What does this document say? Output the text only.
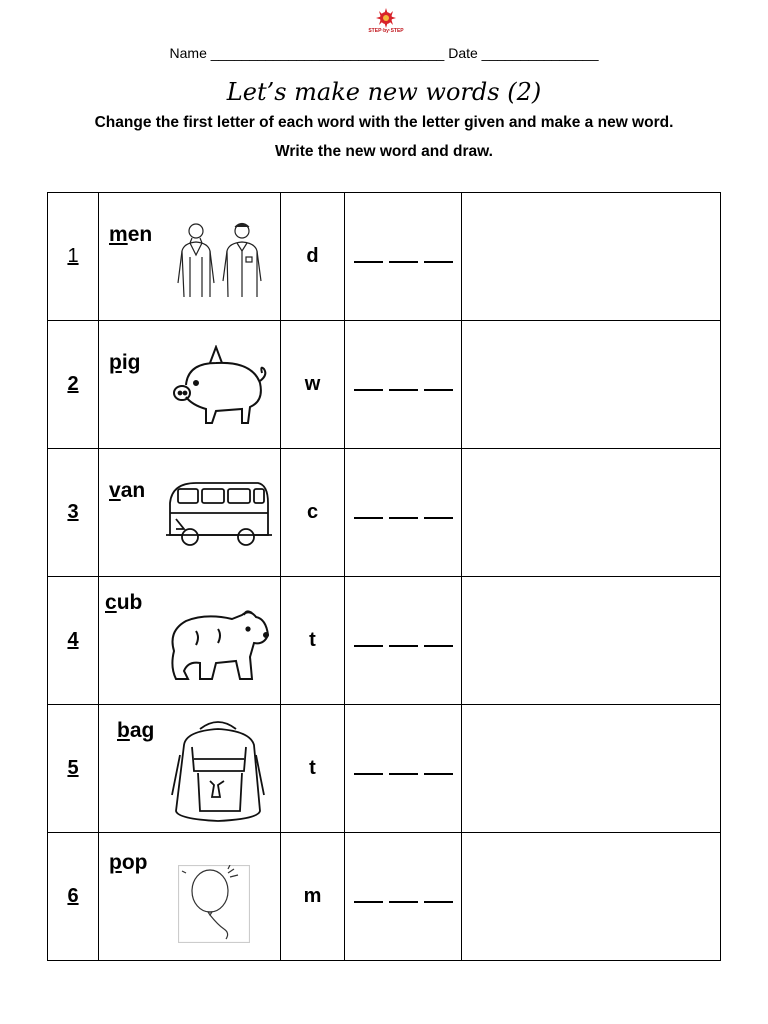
STEP·by·STEP
Name ______________________________ Date _______________
Let’s make new words (2)
Change the first letter of each word with the letter given and make a new word.
Write the new word and draw.
1	men	d		

2	pig	w		

3	van	c		

4	cub	t		

5	bag	t		

6	pop	m		
